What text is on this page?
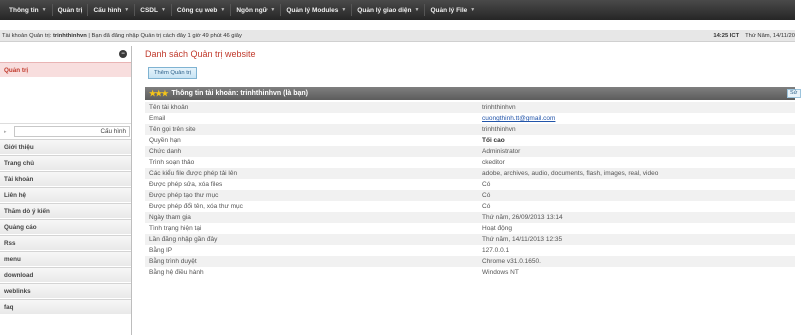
Thông tin ▼ Quản trị Cấu hình ▼ CSDL ▼ Công cụ web ▼ Ngôn ngữ ▼ Quản lý Modules ▼ Quản lý giao diện ▼ Quản lý File ▼
Tài khoản Quản trị:
trinhthinhvn
| Bạn đã đăng nhập Quản trị cách đây 1 giờ 49 phút 46 giây	14:25 ICT Thứ Năm, 14/11/20
−
Quản trị
Giới thiệu
Trang chủ
Tài khoản
Liên hệ
Thăm dò ý kiến
Quảng cáo
Rss
menu
download
weblinks
faq
▸	Cấu hình
Danh sách Quản trị website
Thêm Quản trị
★ ★ ★ Thông tin tài khoản: trinhthinhvn (là bạn)	Sử
Tên tài khoản	trinhthinhvn
Email	cuongthinh.tt@gmail.com
Tên gọi trên site	trinhthinhvn
Quyền hạn	Tối cao
Chức danh	Administrator
Trình soạn thảo	ckeditor
Các kiểu file được phép tải lên	adobe, archives, audio, documents, flash, images, real, video
Được phép sửa, xóa files	Có
Được phép tạo thư mục	Có
Được phép đổi tên, xóa thư mục	Có
Ngày tham gia	Thứ năm, 26/09/2013 13:14
Tình trạng hiện tại	Hoạt động
Lần đăng nhập gần đây	Thứ năm, 14/11/2013 12:35
Bằng IP	127.0.0.1
Bằng trình duyệt	Chrome v31.0.1650.
Bằng hệ điều hành	Windows NT
